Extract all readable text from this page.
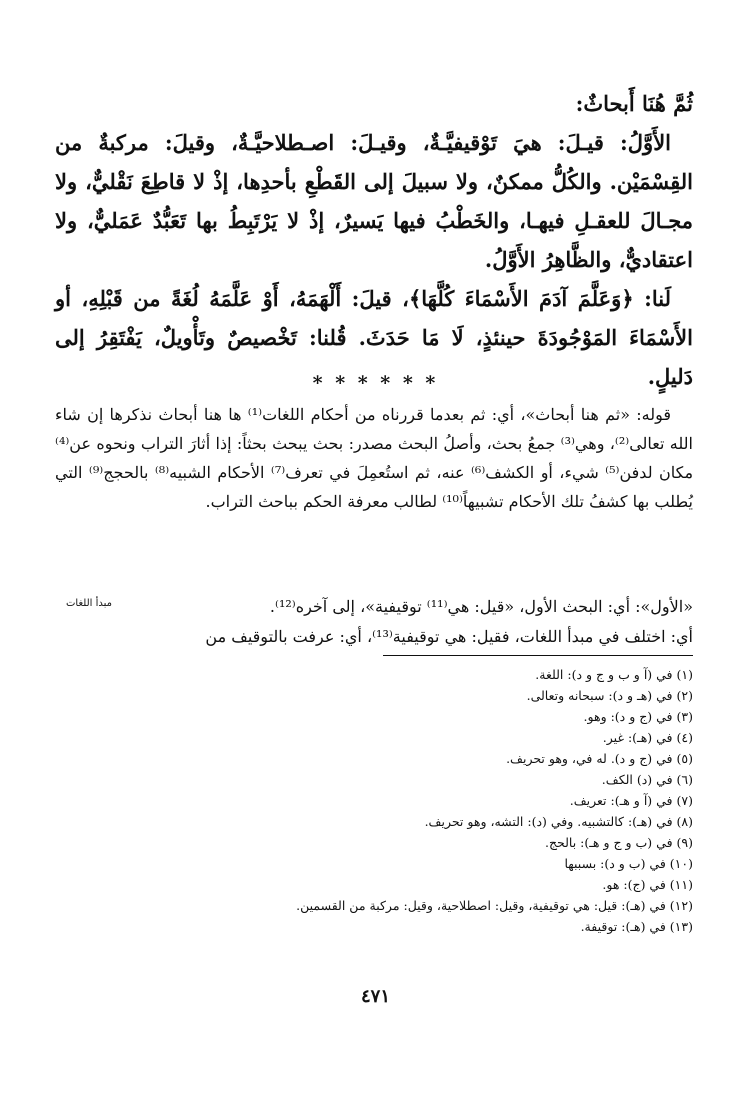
ثُمَّ هُنَا أَبحاثٌ:

الأَوَّلُ: قيـلَ: هيَ تَوْقيفيَّـةٌ، وقيـلَ: اصـطلاحيَّـةٌ، وقيلَ: مركبةٌ من القِسْمَيْن. والكُلُّ ممكنٌ، ولا سبيلَ إلى القَطْعِ بأحدِها، إذْ لا قاطِعَ نَقْليٌّ، ولا مجـالَ للعقـلِ فيهـا، والخَطْبُ فيها يَسيرٌ، إذْ لا يَرْتَبِطُ بها تَعَبُّدٌ عَمَليٌّ، ولا اعتقاديٌّ، والظَّاهِرُ الأَوَّلُ.

لَنا: ﴿وَعَلَّمَ آدَمَ الأَسْمَاءَ كُلَّهَا﴾، قيلَ: أَلْهَمَهُ، أَوْ عَلَّمَهُ لُغَةً من قَبْلِهِ، أو الأَسْمَاءَ المَوْجُودَةَ حينئذٍ، لَا مَا حَدَثَ. قُلنا: تَخْصيصٌ وتَأْويلٌ، يَفْتَقِرُ إلى دَليلٍ.

* * * * * *

قوله: «ثم هنا أبحاث»، أي: ثم بعدما قررناه من أحكام اللغات⁽¹⁾ ها هنا أبحاث نذكرها إن شاء الله تعالى⁽²⁾، وهي⁽³⁾ جمعُ بحث، وأصلُ البحث مصدر: بحث يبحث بحثاً: إذا أثارَ التراب ونحوه عن⁽⁴⁾ مكان لدفن⁽⁵⁾ شيء، أو الكشف⁽⁶⁾ عنه، ثم استُعمِلَ في تعرف⁽⁷⁾ الأحكام الشبيه⁽⁸⁾ بالحجج⁽⁹⁾ التي يُطلب بها كشفُ تلك الأحكام تشبيهاً⁽¹⁰⁾ لطالب معرفة الحكم بباحث التراب.

«الأول»: أي: البحث الأول، «قيل: هي⁽¹¹⁾ توقيفية»، إلى آخره⁽¹²⁾.

أي: اختلف في مبدأ اللغات، فقيل: هي توقيفية⁽¹³⁾، أي: عرفت بالتوقيف من

مبدأ اللغات
(١) في (آ و ب و ج و د): اللغة.
(٢) في (هـ و د): سبحانه وتعالى.
(٣) في (ج و د): وهو.
(٤) في (هـ): غير.
(٥) في (ج و د). له في، وهو تحريف.
(٦) في (د) الكف.
(٧) في (آ و هـ): تعريف.
(٨) في (هـ): كالتشبيه. وفي (د): التشه، وهو تحريف.
(٩) في (ب و ج و هـ): بالحج.
(١٠) في (ب و د): بسببها
(١١) في (ج): هو.
(١٢) في (هـ): قيل: هي توقيفية، وقيل: اصطلاحية، وقيل: مركبة من القسمين.
(١٣) في (هـ): توقيفة.
٤٧١
